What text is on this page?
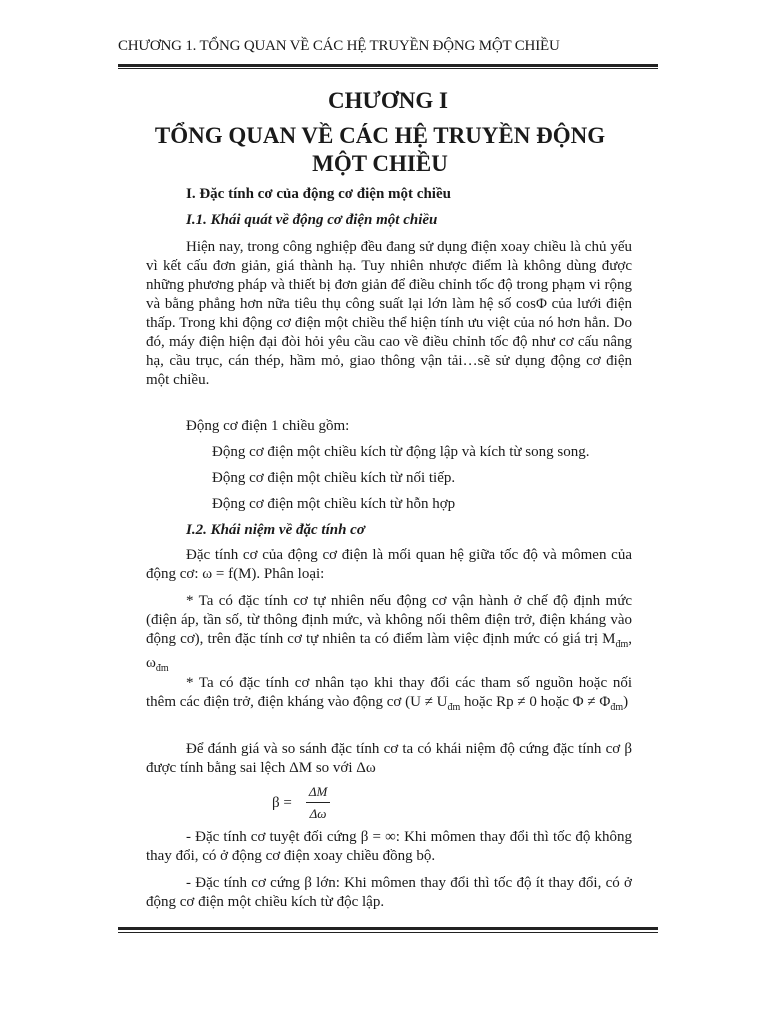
CHƯƠNG 1. TỔNG QUAN VỀ CÁC HỆ TRUYỀN ĐỘNG MỘT CHIỀU
CHƯƠNG I
TỔNG QUAN VỀ CÁC HỆ TRUYỀN ĐỘNG MỘT CHIỀU
I. Đặc tính cơ của động cơ điện một chiều
I.1. Khái quát về động cơ điện một chiều

Hiện nay, trong công nghiệp đều đang sử dụng điện xoay chiều là chủ yếu vì kết cấu đơn giản, giá thành hạ. Tuy nhiên nhược điểm là không dùng được những phương pháp và thiết bị đơn giản để điều chỉnh tốc độ trong phạm vi rộng và bằng phẳng hơn nữa tiêu thụ công suất lại lớn làm hệ số cosΦ của lưới điện thấp. Trong khi động cơ điện một chiều thể hiện tính ưu việt của nó hơn hẳn. Do đó, máy điện hiện đại đòi hỏi yêu cầu cao về điều chỉnh tốc độ như cơ cấu nâng hạ, cầu trục, cán thép, hầm mỏ, giao thông vận tải…sẽ sử dụng động cơ điện một chiều.

Động cơ điện 1 chiều gồm:
Động cơ điện một chiều kích từ động lập và kích từ song song.
Động cơ điện một chiều kích từ nối tiếp.
Động cơ điện một chiều kích từ hỗn hợp
I.2. Khái niệm về đặc tính cơ

Đặc tính cơ của động cơ điện là mối quan hệ giữa tốc độ và mômen của động cơ: ω = f(M). Phân loại:

* Ta có đặc tính cơ tự nhiên nếu động cơ vận hành ở chế độ định mức (điện áp, tần số, từ thông định mức, và không nối thêm điện trở, điện kháng vào động cơ), trên đặc tính cơ tự nhiên ta có điểm làm việc định mức có giá trị $M_{đm}$, $\omega_{đm}$

* Ta có đặc tính cơ nhân tạo khi thay đổi các tham số nguồn hoặc nối thêm các điện trở, điện kháng vào động cơ ($U \ne U_{đm}$ hoặc Rp ≠ 0 hoặc $\Phi \ne \Phi_{đm}$)

Để đánh giá và so sánh đặc tính cơ ta có khái niệm độ cứng đặc tính cơ β được tính bằng sai lệch ΔM so với Δω

$\beta = \frac{\Delta M}{\Delta\omega}$

- Đặc tính cơ tuyệt đối cứng β = ∞: Khi mômen thay đổi thì tốc độ không thay đổi, có ở động cơ điện xoay chiều đồng bộ.

- Đặc tính cơ cứng β lớn: Khi mômen thay đổi thì tốc độ ít thay đổi, có ở động cơ điện một chiều kích từ độc lập.
